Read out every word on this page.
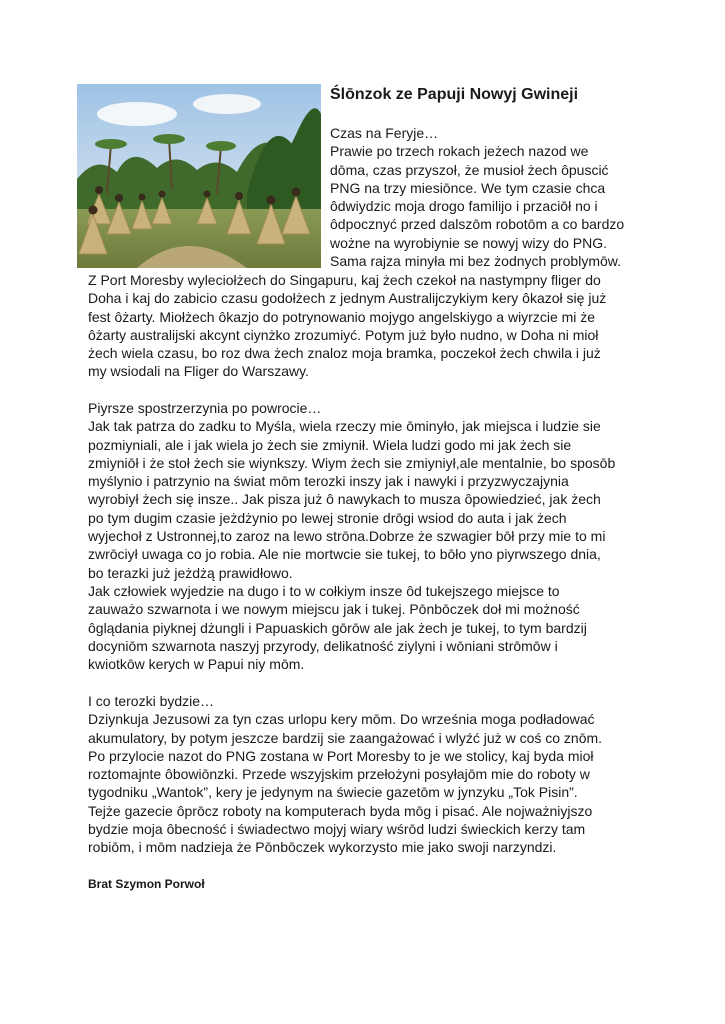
Ślōnzok ze Papuji Nowyj Gwineji
Czas na Feryje…
Prawie po trzech rokach jeżech nazod we
dōma, czas przyszoł, że musioł żech ôpuscić
PNG na trzy miesiōnce. We tym czasie chca
ôdwiydzic moja drogo familijo i przaciōł no i
ôdpocznyć przed dalszōm robotōm a co bardzo
wożne na wyrobiynie se nowyj wizy do PNG.
Sama rajza minyła mi bez żodnych problymōw.
Z Port Moresby wyleciołżech do Singapuru, kaj żech czekoł na nastympny fliger do
Doha i kaj do zabicio czasu godołżech z jednym Australijczykiym kery ôkazoł się już
fest ôżarty. Miołżech ôkazjo do potrynowanio mojygo angelskiygo a wiyrzcie mi że
ôżarty australijski akcynt ciynżko zrozumiyć. Potym już było nudno, w Doha ni mioł
żech wiela czasu, bo roz dwa żech znaloz moja bramka, poczekoł żech chwila i już
my wsiodali na Fliger do Warszawy.
Piyrsze spostrzerzynia po powrocie…
Jak tak patrza do zadku to Myśla, wiela rzeczy mie ōminyło, jak miejsca i ludzie sie
pozmiyniali, ale i jak wiela jo żech sie zmiynił. Wiela ludzi godo mi jak żech sie
zmiyniōł i że stoł żech sie wiynkszy. Wiym żech sie zmiyniył,ale mentalnie, bo sposōb
myślynio i patrzynio na świat mōm terozki inszy jak i nawyki i przyzwyczajynia
wyrobiył żech się insze.. Jak pisza już ô nawykach to musza ôpowiedzieć, jak żech
po tym dugim czasie jeżdżynio po lewej stronie drōgi wsiod do auta i jak żech
wyjechoł z Ustronnej,to zaroz na lewo strōna.Dobrze że szwagier bōł przy mie to mi
zwrōciył uwaga co jo robia. Ale nie mortwcie sie tukej, to bōło yno piyrwszego dnia,
bo terazki już jeżdżą prawidłowo.
Jak człowiek wyjedzie na dugo i to w cołkiym insze ôd tukejszego miejsce to
zauważo szwarnota i we nowym miejscu jak i tukej. Pōnbōczek doł mi możność
ôglądania piyknej dżungli i Papuaskich gōrōw ale jak żech je tukej, to tym bardzij
docyniōm szwarnota naszyj przyrody, delikatność ziylyni i wōniani strōmōw i
kwiotkōw kerych w Papui niy mōm.
I co terozki bydzie…
Dziynkuja Jezusowi za tyn czas urlopu kery mōm. Do września moga podładować
akumulatory, by potym jeszcze bardzij sie zaangażować i wlyźć już w coś co znōm.
Po przylocie nazot do PNG zostana w Port Moresby to je we stolicy, kaj byda mioł
roztomajnte ôbowiōnzki. Przede wszyjskim przełożyni posyłajōm mie do roboty w
tygodniku „Wantok”, kery je jedynym na świecie gazetōm w jynzyku „Tok Pisin”.
Tejże gazecie ôprōcz roboty na komputerach byda mōg i pisać. Ale nojważniyjszo
bydzie moja ôbecność i świadectwo mojyj wiary wśrōd ludzi świeckich kerzy tam
robiōm, i mōm nadzieja że Pōnbōczek wykorzysto mie jako swoji narzyndzi.
Brat Szymon Porwoł
